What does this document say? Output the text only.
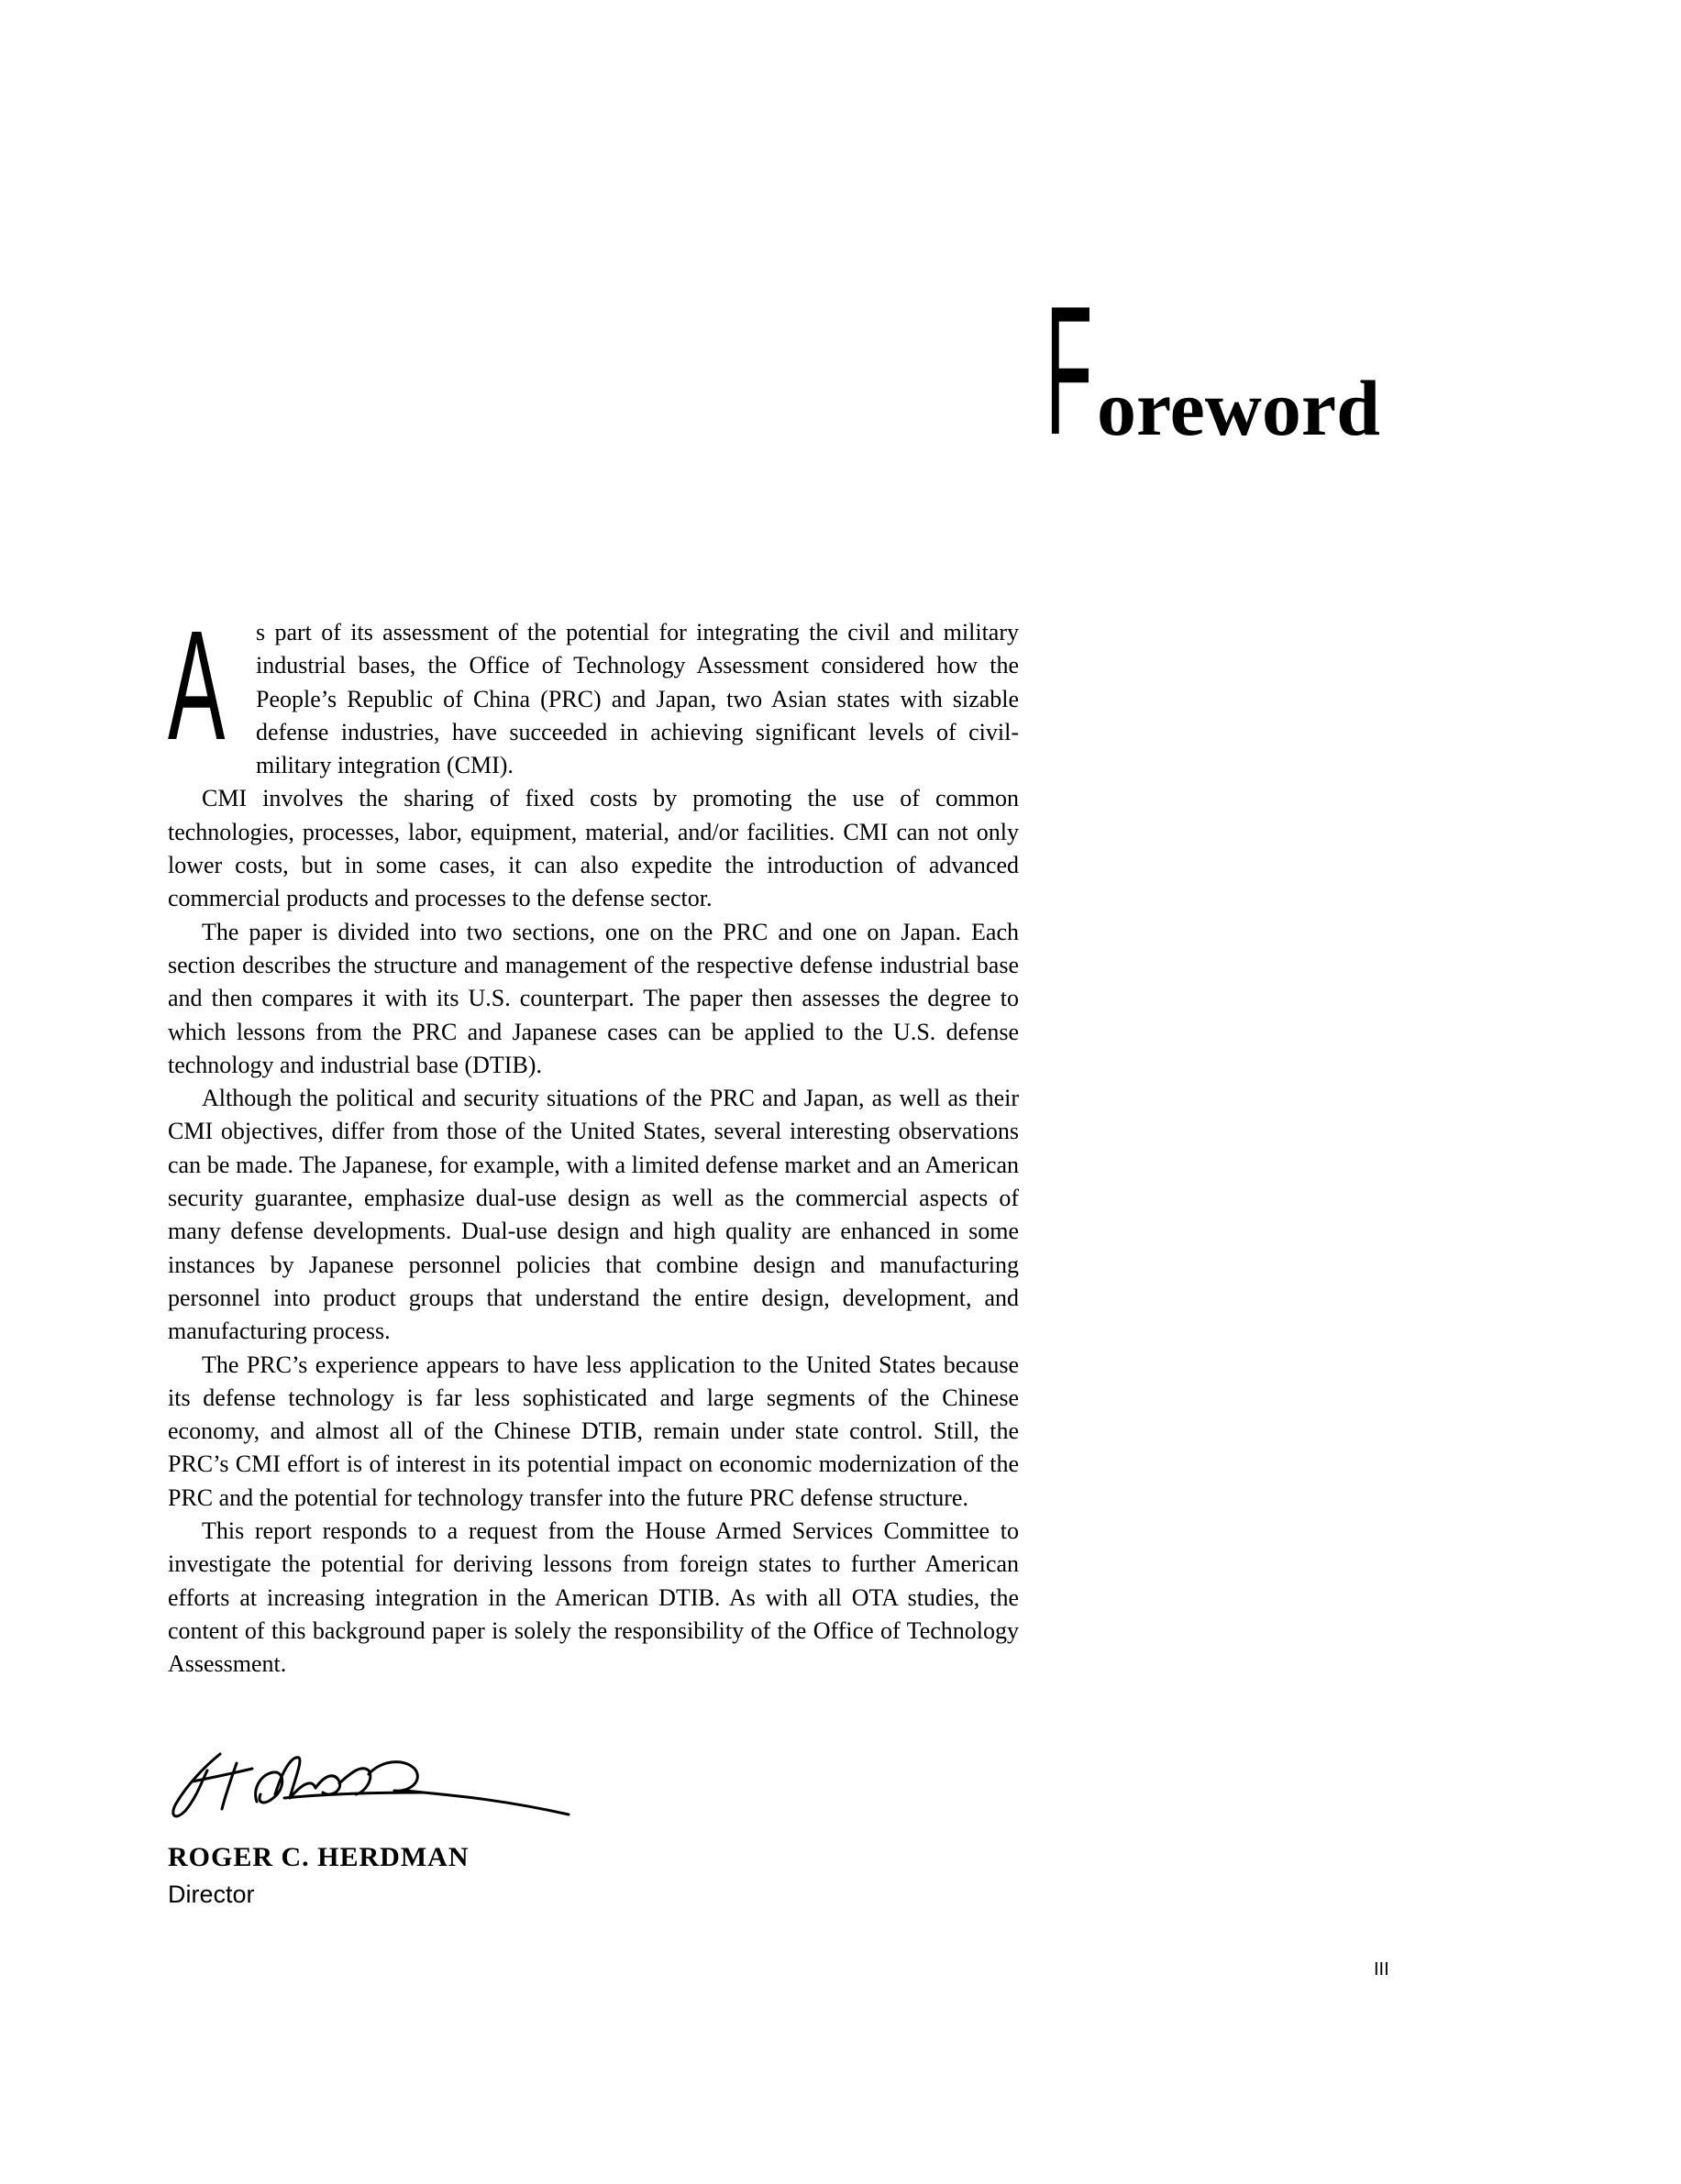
F oreword

A s part of its assessment of the potential for integrating the civil and military industrial bases, the Office of Technology Assessment considered how the People’s Republic of China (PRC) and Japan, two Asian states with sizable defense industries, have succeeded in achieving significant levels of civil-military integration (CMI).

CMI involves the sharing of fixed costs by promoting the use of common technologies, processes, labor, equipment, material, and/or facilities. CMI can not only lower costs, but in some cases, it can also expedite the introduction of advanced commercial products and processes to the defense sector.

The paper is divided into two sections, one on the PRC and one on Japan. Each section describes the structure and management of the respective defense industrial base and then compares it with its U.S. counterpart. The paper then assesses the degree to which lessons from the PRC and Japanese cases can be applied to the U.S. defense technology and industrial base (DTIB).

Although the political and security situations of the PRC and Japan, as well as their CMI objectives, differ from those of the United States, several interesting observations can be made. The Japanese, for example, with a limited defense market and an American security guarantee, emphasize dual-use design as well as the commercial aspects of many defense developments. Dual-use design and high quality are enhanced in some instances by Japanese personnel policies that combine design and manufacturing personnel into product groups that understand the entire design, development, and manufacturing process.

The PRC’s experience appears to have less application to the United States because its defense technology is far less sophisticated and large segments of the Chinese economy, and almost all of the Chinese DTIB, remain under state control. Still, the PRC’s CMI effort is of interest in its potential impact on economic modernization of the PRC and the potential for technology transfer into the future PRC defense structure.

This report responds to a request from the House Armed Services Committee to investigate the potential for deriving lessons from foreign states to further American efforts at increasing integration in the American DTIB. As with all OTA studies, the content of this background paper is solely the responsibility of the Office of Technology Assessment.

ROGER C. HERDMAN
Director
III
